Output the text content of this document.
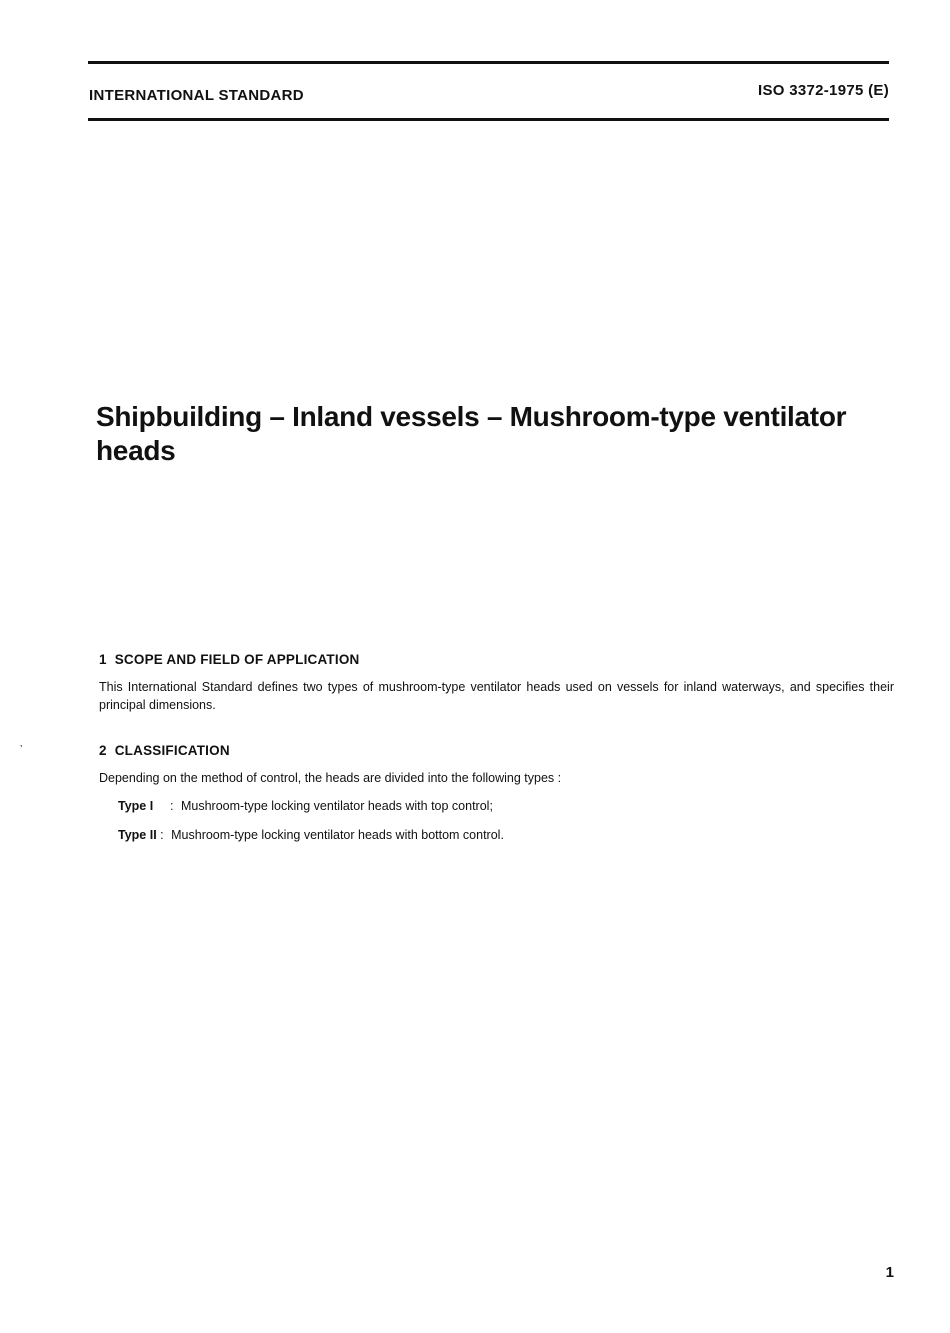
INTERNATIONAL STANDARD	ISO 3372-1975 (E)
Shipbuilding – Inland vessels – Mushroom-type ventilator
heads
1 SCOPE AND FIELD OF APPLICATION

This International Standard defines two types of mushroom-type ventilator heads used on vessels for inland waterways, and specifies their principal dimensions.

’	2 CLASSIFICATION

Depending on the method of control, the heads are divided into the following types :

Type I : Mushroom-type locking ventilator heads with top control;
Type II : Mushroom-type locking ventilator heads with bottom control.
1
